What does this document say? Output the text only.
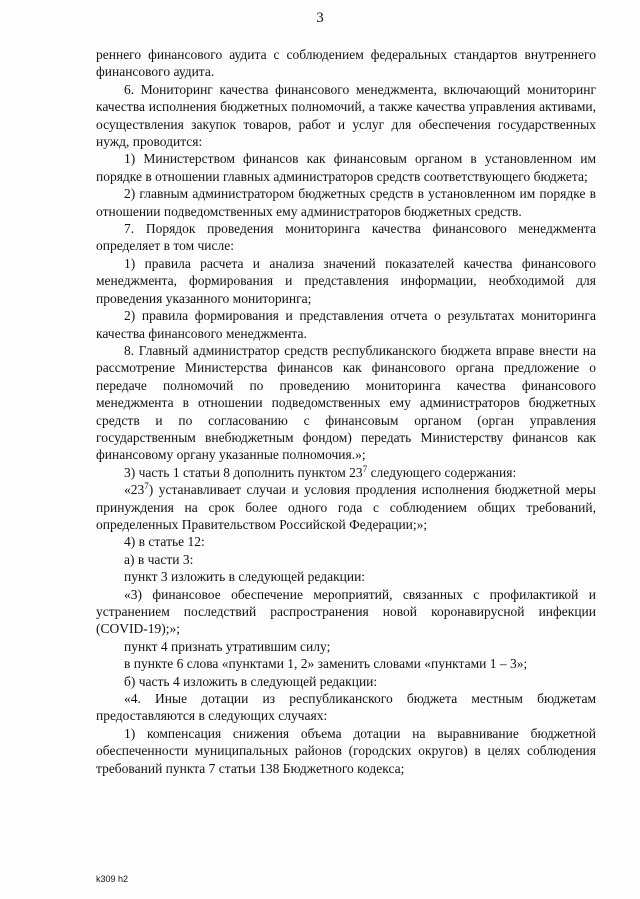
3

реннего финансового аудита с соблюдением федеральных стандартов внутреннего финансового аудита.

6. Мониторинг качества финансового менеджмента, включающий мониторинг качества исполнения бюджетных полномочий, а также качества управления активами, осуществления закупок товаров, работ и услуг для обеспечения государственных нужд, проводится:

1) Министерством финансов как финансовым органом в установленном им порядке в отношении главных администраторов средств соответствующего бюджета;

2) главным администратором бюджетных средств в установленном им порядке в отношении подведомственных ему администраторов бюджетных средств.

7. Порядок проведения мониторинга качества финансового менеджмента определяет в том числе:

1) правила расчета и анализа значений показателей качества финансового менеджмента, формирования и представления информации, необходимой для проведения указанного мониторинга;

2) правила формирования и представления отчета о результатах мониторинга качества финансового менеджмента.

8. Главный администратор средств республиканского бюджета вправе внести на рассмотрение Министерства финансов как финансового органа предложение о передаче полномочий по проведению мониторинга качества финансового менеджмента в отношении подведомственных ему администраторов бюджетных средств и по согласованию с финансовым органом (орган управления государственным внебюджетным фондом) передать Министерству финансов как финансовому органу указанные полномочия.»;

3) часть 1 статьи 8 дополнить пунктом $23^7$ следующего содержания:

«$23^7$) устанавливает случаи и условия продления исполнения бюджетной меры принуждения на срок более одного года с соблюдением общих требований, определенных Правительством Российской Федерации;»;

4) в статье 12:

а) в части 3:

пункт 3 изложить в следующей редакции:

«3) финансовое обеспечение мероприятий, связанных с профилактикой и устранением последствий распространения новой коронавирусной инфекции (COVID-19);»;

пункт 4 признать утратившим силу;

в пункте 6 слова «пунктами 1, 2» заменить словами «пунктами 1 – 3»;

б) часть 4 изложить в следующей редакции:

«4. Иные дотации из республиканского бюджета местным бюджетам предоставляются в следующих случаях:

1) компенсация снижения объема дотации на выравнивание бюджетной обеспеченности муниципальных районов (городских округов) в целях соблюдения требований пункта 7 статьи 138 Бюджетного кодекса;

k309 h2
